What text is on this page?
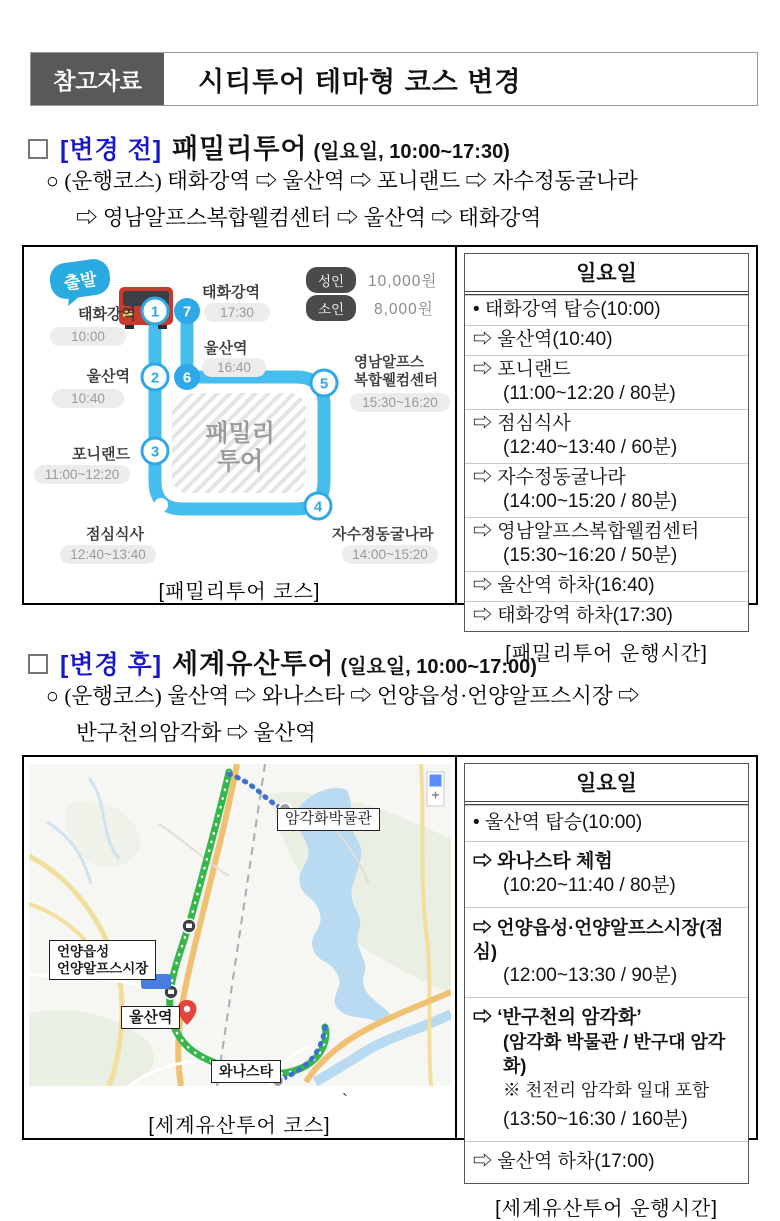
참고자료	시티투어 테마형 코스 변경
[변경 전] 패밀리투어 (일요일, 10:00~17:30)
○ (운행코스) 태화강역 ⇨ 울산역 ⇨ 포니랜드 ⇨ 자수정동굴나라
⇨ 영남알프스복합웰컴센터 ⇨ 울산역 ⇨ 태화강역
패밀리
투어
1 7
2 6
3
4
5
출발	성인	10,000원
소인	8,000원
태화강역
10:00
태화강역
17:30
울산역
16:40
울산역
10:40
영남알프스
복합웰컴센터
15:30~16:20
포니랜드
11:00~12:20
점심식사
12:40~13:40
자수정동굴나라
14:00~15:20
[패밀리투어 코스]
일요일
• 태화강역 탑승(10:00)
⇨ 울산역(10:40)
⇨ 포니랜드
(11:00~12:20 / 80분)
⇨ 점심식사
(12:40~13:40 / 60분)
⇨ 자수정동굴나라
(14:00~15:20 / 80분)
⇨ 영남알프스복합웰컴센터
(15:30~16:20 / 50분)
⇨ 울산역 하차(16:40)
⇨ 태화강역 하차(17:30)
[패밀리투어 운행시간]
[변경 후] 세계유산투어 (일요일, 10:00~17:00)
○ (운행코스) 울산역 ⇨ 와나스타 ⇨ 언양읍성·언양알프스시장 ⇨
반구천의암각화 ⇨ 울산역
암각화박물관
언양읍성
언양알프스시장
울산역
와나스타
`
[세계유산투어 코스]
일요일
• 울산역 탑승(10:00)
⇨ 와나스타 체험
(10:20~11:40 / 80분)
⇨ 언양읍성·언양알프스시장(점심)
(12:00~13:30 / 90분)
⇨ ‘반구천의 암각화’
(암각화 박물관 / 반구대 암각화)
※ 천전리 암각화 일대 포함
(13:50~16:30 / 160분)
⇨ 울산역 하차(17:00)
[세계유산투어 운행시간]
